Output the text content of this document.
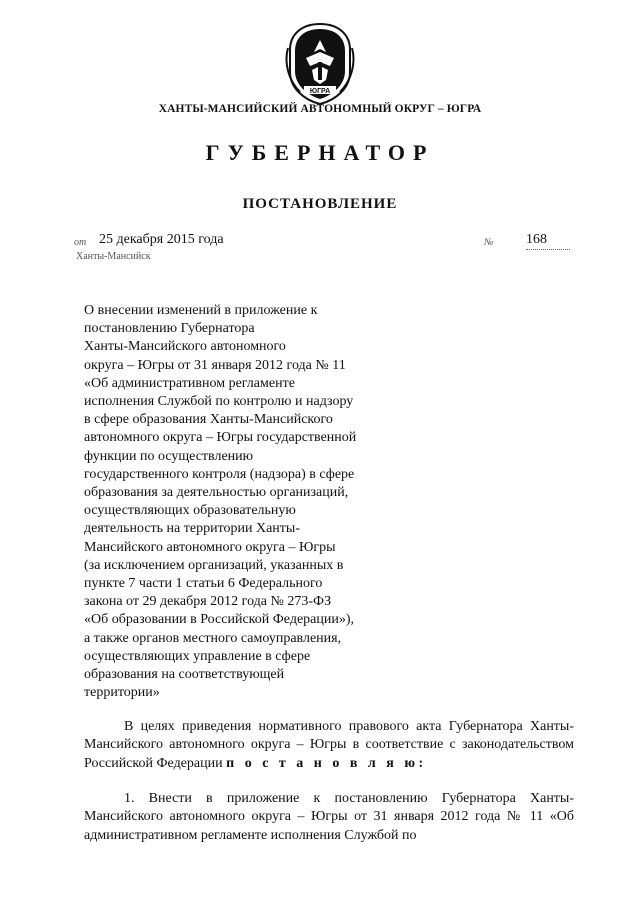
ЮГРА
ХАНТЫ-МАНСИЙСКИЙ АВТОНОМНЫЙ ОКРУГ – ЮГРА
ГУБЕРНАТОР
ПОСТАНОВЛЕНИЕ
от 25 декабря 2015 года	№ 168
Ханты-Мансийск
О внесении изменений в приложение к
постановлению Губернатора
Ханты-Мансийского автономного
округа – Югры от 31 января 2012 года № 11
«Об административном регламенте
исполнения Службой по контролю и надзору
в сфере образования Ханты-Мансийского
автономного округа – Югры государственной
функции по осуществлению
государственного контроля (надзора) в сфере
образования за деятельностью организаций,
осуществляющих образовательную
деятельность на территории Ханты-
Мансийского автономного округа – Югры
(за исключением организаций, указанных в
пункте 7 части 1 статьи 6 Федерального
закона от 29 декабря 2012 года № 273-ФЗ
«Об образовании в Российской Федерации»),
а также органов местного самоуправления,
осуществляющих управление в сфере
образования на соответствующей
территории»
В целях приведения нормативного правового акта Губернатора Ханты-Мансийского автономного округа – Югры в соответствие с законодательством Российской Федерации п о с т а н о в л я ю:
1. Внести в приложение к постановлению Губернатора Ханты-Мансийского автономного округа – Югры от 31 января 2012 года № 11 «Об административном регламенте исполнения Службой по
